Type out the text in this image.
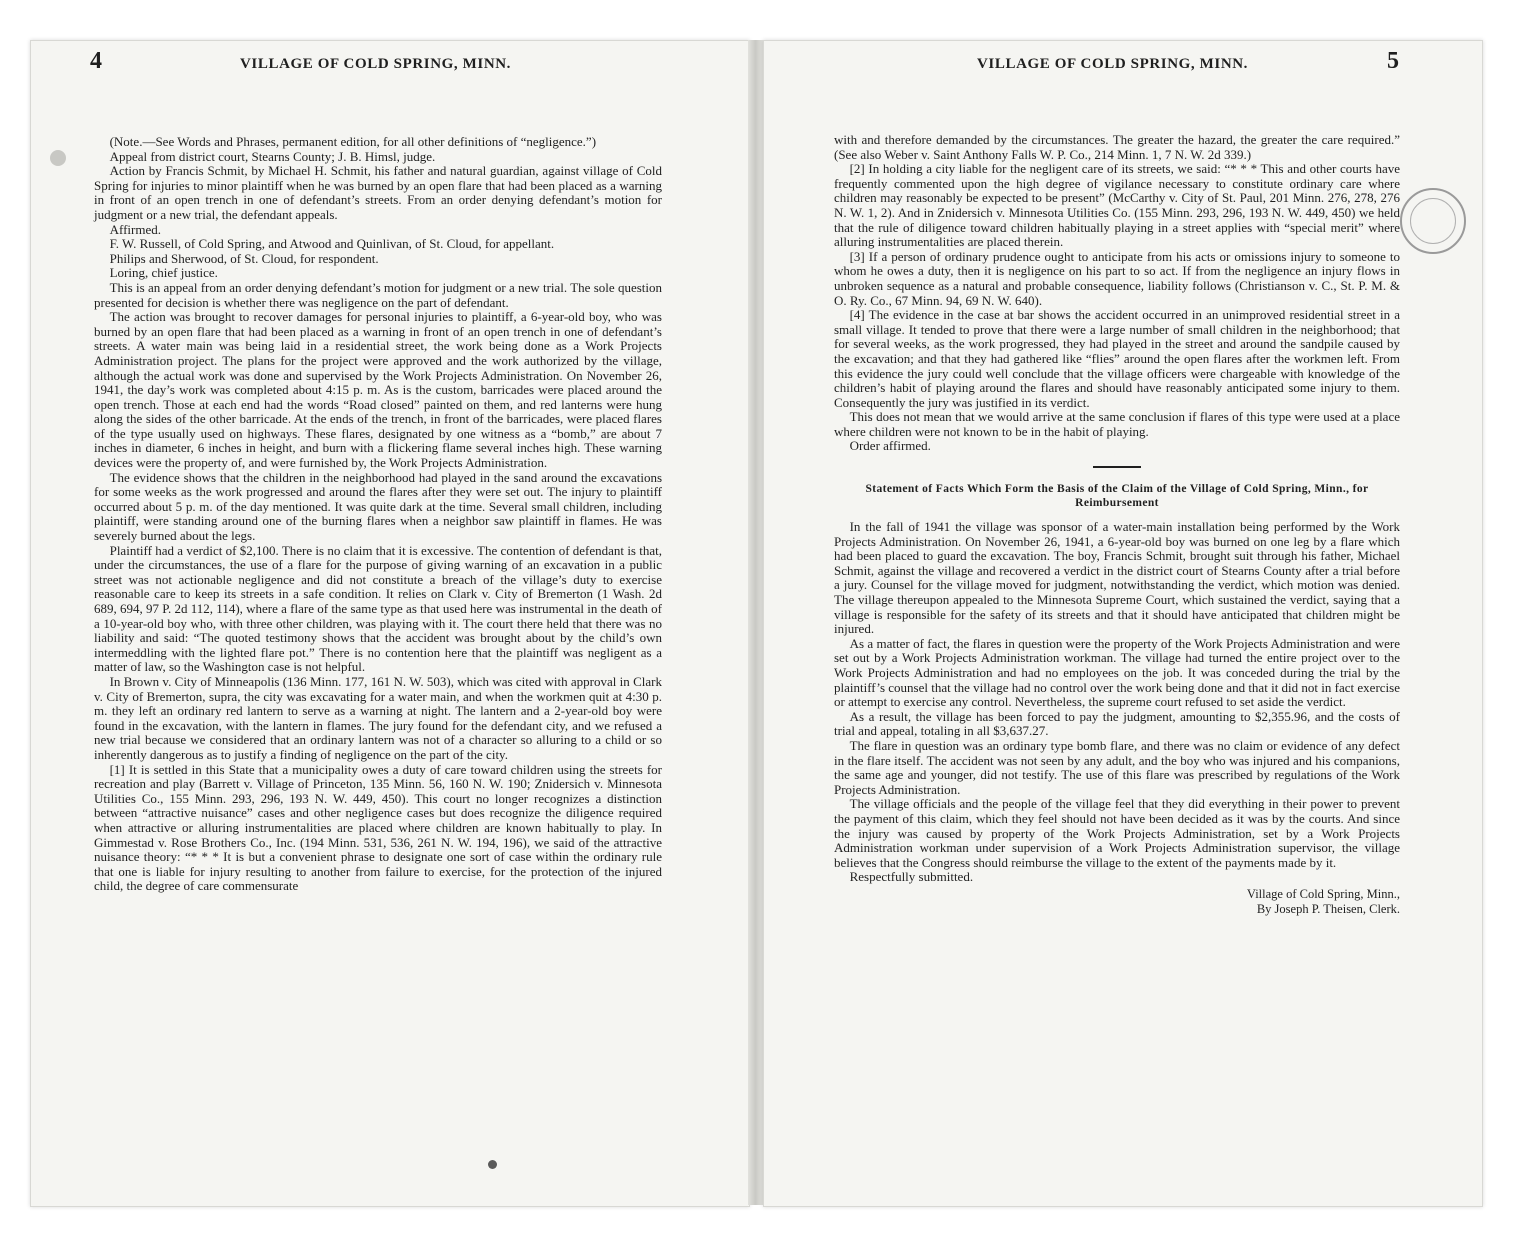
4	VILLAGE OF COLD SPRING, MINN.	VILLAGE OF COLD SPRING, MINN.	5

(Note.—See Words and Phrases, permanent edition, for all other definitions of “negligence.”)

Appeal from district court, Stearns County; J. B. Himsl, judge.

Action by Francis Schmit, by Michael H. Schmit, his father and natural guardian, against village of Cold Spring for injuries to minor plaintiff when he was burned by an open flare that had been placed as a warning in front of an open trench in one of defendant’s streets. From an order denying defendant’s motion for judgment or a new trial, the defendant appeals.

Affirmed.

F. W. Russell, of Cold Spring, and Atwood and Quinlivan, of St. Cloud, for appellant.

Philips and Sherwood, of St. Cloud, for respondent.

Loring, chief justice.

This is an appeal from an order denying defendant’s motion for judgment or a new trial. The sole question presented for decision is whether there was negligence on the part of defendant.

The action was brought to recover damages for personal injuries to plaintiff, a 6-year-old boy, who was burned by an open flare that had been placed as a warning in front of an open trench in one of defendant’s streets. A water main was being laid in a residential street, the work being done as a Work Projects Administration project. The plans for the project were approved and the work authorized by the village, although the actual work was done and supervised by the Work Projects Administration. On November 26, 1941, the day’s work was completed about 4:15 p. m. As is the custom, barricades were placed around the open trench. Those at each end had the words “Road closed” painted on them, and red lanterns were hung along the sides of the other barricade. At the ends of the trench, in front of the barricades, were placed flares of the type usually used on highways. These flares, designated by one witness as a “bomb,” are about 7 inches in diameter, 6 inches in height, and burn with a flickering flame several inches high. These warning devices were the property of, and were furnished by, the Work Projects Administration.

The evidence shows that the children in the neighborhood had played in the sand around the excavations for some weeks as the work progressed and around the flares after they were set out. The injury to plaintiff occurred about 5 p. m. of the day mentioned. It was quite dark at the time. Several small children, including plaintiff, were standing around one of the burning flares when a neighbor saw plaintiff in flames. He was severely burned about the legs.

Plaintiff had a verdict of $2,100. There is no claim that it is excessive. The contention of defendant is that, under the circumstances, the use of a flare for the purpose of giving warning of an excavation in a public street was not actionable negligence and did not constitute a breach of the village’s duty to exercise reasonable care to keep its streets in a safe condition. It relies on Clark v. City of Bremerton (1 Wash. 2d 689, 694, 97 P. 2d 112, 114), where a flare of the same type as that used here was instrumental in the death of a 10-year-old boy who, with three other children, was playing with it. The court there held that there was no liability and said: “The quoted testimony shows that the accident was brought about by the child’s own intermeddling with the lighted flare pot.” There is no contention here that the plaintiff was negligent as a matter of law, so the Washington case is not helpful.

In Brown v. City of Minneapolis (136 Minn. 177, 161 N. W. 503), which was cited with approval in Clark v. City of Bremerton, supra, the city was excavating for a water main, and when the workmen quit at 4:30 p. m. they left an ordinary red lantern to serve as a warning at night. The lantern and a 2-year-old boy were found in the excavation, with the lantern in flames. The jury found for the defendant city, and we refused a new trial because we considered that an ordinary lantern was not of a character so alluring to a child or so inherently dangerous as to justify a finding of negligence on the part of the city.

[1] It is settled in this State that a municipality owes a duty of care toward children using the streets for recreation and play (Barrett v. Village of Princeton, 135 Minn. 56, 160 N. W. 190; Znidersich v. Minnesota Utilities Co., 155 Minn. 293, 296, 193 N. W. 449, 450). This court no longer recognizes a distinction between “attractive nuisance” cases and other negligence cases but does recognize the diligence required when attractive or alluring instrumentalities are placed where children are known habitually to play. In Gimmestad v. Rose Brothers Co., Inc. (194 Minn. 531, 536, 261 N. W. 194, 196), we said of the attractive nuisance theory: “* * * It is but a convenient phrase to designate one sort of case within the ordinary rule that one is liable for injury resulting to another from failure to exercise, for the protection of the injured child, the degree of care commensurate

with and therefore demanded by the circumstances. The greater the hazard, the greater the care required.” (See also Weber v. Saint Anthony Falls W. P. Co., 214 Minn. 1, 7 N. W. 2d 339.)

[2] In holding a city liable for the negligent care of its streets, we said: “* * * This and other courts have frequently commented upon the high degree of vigilance necessary to constitute ordinary care where children may reasonably be expected to be present” (McCarthy v. City of St. Paul, 201 Minn. 276, 278, 276 N. W. 1, 2). And in Znidersich v. Minnesota Utilities Co. (155 Minn. 293, 296, 193 N. W. 449, 450) we held that the rule of diligence toward children habitually playing in a street applies with “special merit” where alluring instrumentalities are placed therein.

[3] If a person of ordinary prudence ought to anticipate from his acts or omissions injury to someone to whom he owes a duty, then it is negligence on his part to so act. If from the negligence an injury flows in unbroken sequence as a natural and probable consequence, liability follows (Christianson v. C., St. P. M. & O. Ry. Co., 67 Minn. 94, 69 N. W. 640).

[4] The evidence in the case at bar shows the accident occurred in an unimproved residential street in a small village. It tended to prove that there were a large number of small children in the neighborhood; that for several weeks, as the work progressed, they had played in the street and around the sandpile caused by the excavation; and that they had gathered like “flies” around the open flares after the workmen left. From this evidence the jury could well conclude that the village officers were chargeable with knowledge of the children’s habit of playing around the flares and should have reasonably anticipated some injury to them. Consequently the jury was justified in its verdict.

This does not mean that we would arrive at the same conclusion if flares of this type were used at a place where children were not known to be in the habit of playing.

Order affirmed.

Statement of Facts Which Form the Basis of the Claim of the Village of Cold Spring, Minn., for Reimbursement

In the fall of 1941 the village was sponsor of a water-main installation being performed by the Work Projects Administration. On November 26, 1941, a 6-year-old boy was burned on one leg by a flare which had been placed to guard the excavation. The boy, Francis Schmit, brought suit through his father, Michael Schmit, against the village and recovered a verdict in the district court of Stearns County after a trial before a jury. Counsel for the village moved for judgment, notwithstanding the verdict, which motion was denied. The village thereupon appealed to the Minnesota Supreme Court, which sustained the verdict, saying that a village is responsible for the safety of its streets and that it should have anticipated that children might be injured.

As a matter of fact, the flares in question were the property of the Work Projects Administration and were set out by a Work Projects Administration workman. The village had turned the entire project over to the Work Projects Administration and had no employees on the job. It was conceded during the trial by the plaintiff’s counsel that the village had no control over the work being done and that it did not in fact exercise or attempt to exercise any control. Nevertheless, the supreme court refused to set aside the verdict.

As a result, the village has been forced to pay the judgment, amounting to $2,355.96, and the costs of trial and appeal, totaling in all $3,637.27.

The flare in question was an ordinary type bomb flare, and there was no claim or evidence of any defect in the flare itself. The accident was not seen by any adult, and the boy who was injured and his companions, the same age and younger, did not testify. The use of this flare was prescribed by regulations of the Work Projects Administration.

The village officials and the people of the village feel that they did everything in their power to prevent the payment of this claim, which they feel should not have been decided as it was by the courts. And since the injury was caused by property of the Work Projects Administration, set by a Work Projects Administration workman under supervision of a Work Projects Administration supervisor, the village believes that the Congress should reimburse the village to the extent of the payments made by it.

Respectfully submitted.

Village of Cold Spring, Minn.,
By Joseph P. Theisen, Clerk.
